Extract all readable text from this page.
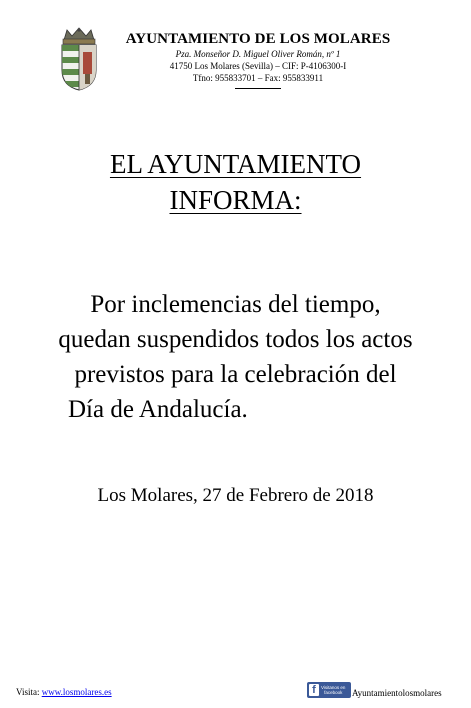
AYUNTAMIENTO DE LOS MOLARES
Pza. Monseñor D. Miguel Oliver Román, nº 1
41750 Los Molares (Sevilla) – CIF: P-4106300-I
Tfno: 955833701 – Fax: 955833911
EL AYUNTAMIENTO
INFORMA:
Por inclemencias del tiempo,
quedan suspendidos todos los actos
previstos para la celebración del
Día de Andalucía.
Los Molares, 27 de Febrero de 2018
Visita: www.losmolares.es	f	Visitanos en
facebook	Ayuntamientolosmolares
